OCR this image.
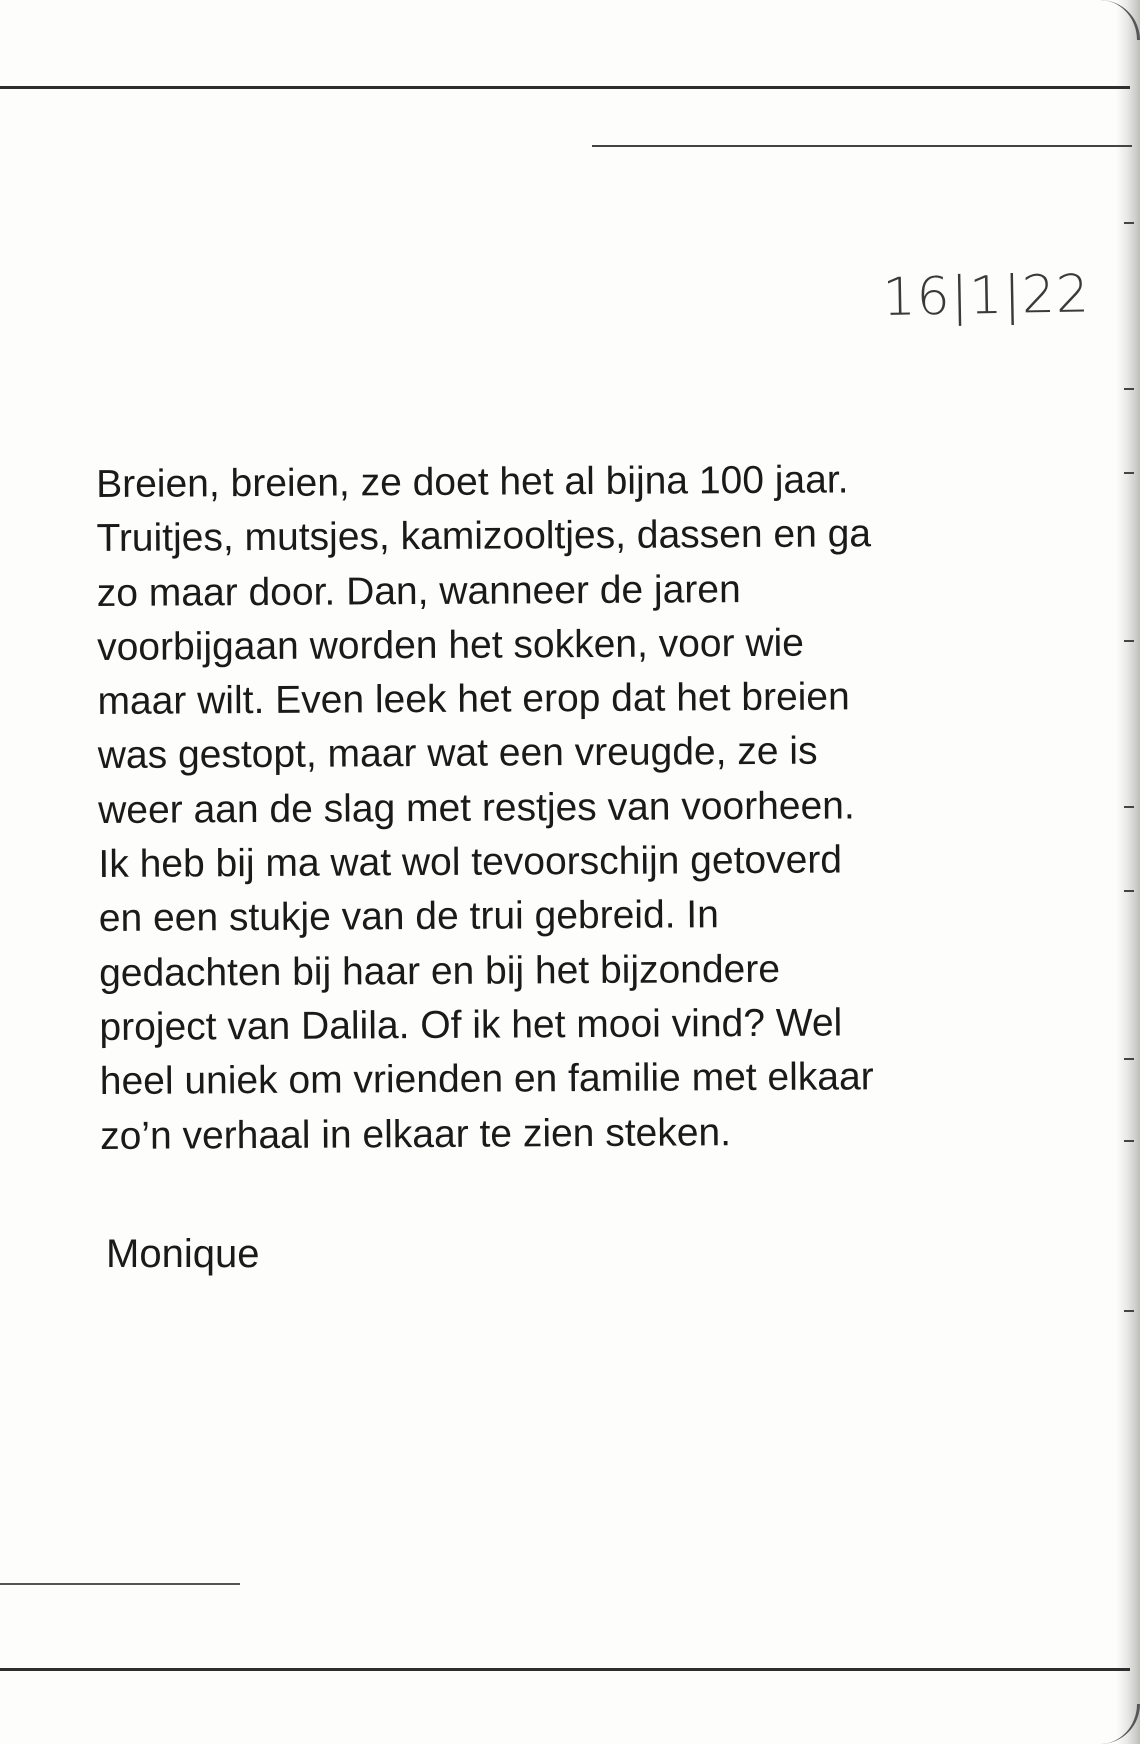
16|1|22
Breien, breien, ze doet het al bijna 100 jaar.
Truitjes, mutsjes, kamizooltjes, dassen en ga
zo maar door. Dan, wanneer de jaren
voorbijgaan worden het sokken, voor wie
maar wilt. Even leek het erop dat het breien
was gestopt, maar wat een vreugde, ze is
weer aan de slag met restjes van voorheen.
Ik heb bij ma wat wol tevoorschijn getoverd
en een stukje van de trui gebreid. In
gedachten bij haar en bij het bijzondere
project van Dalila. Of ik het mooi vind? Wel
heel uniek om vrienden en familie met elkaar
zo’n verhaal in elkaar te zien steken.
Monique
